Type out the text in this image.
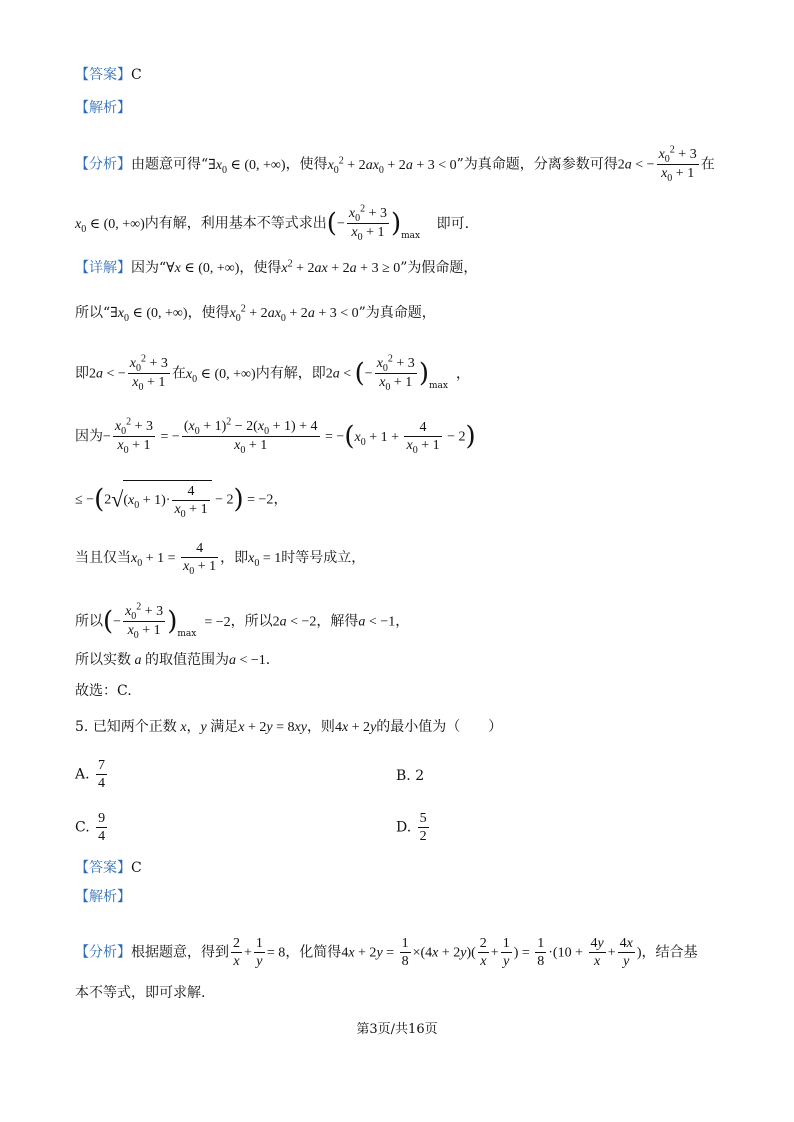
【答案】C
【解析】
【分析】由题意可得“$\exists x_0$ ∈ (0, +∞)，使得$x_0^2 + 2ax_0 + 2a + 3 < 0$”为真命题，分离参数可得2a < − $\frac{x_0^2 + 3}{x_0 + 1}$ 在
$x_0$ ∈ (0, +∞)内有解，利用基本不等式求出(− $\frac{x_0^2 + 3}{x_0 + 1} )_{max}$ 即可.
【详解】因为“∀x ∈ (0, +∞)，使得$x^2 + 2ax + 2a + 3 \ge 0$”为假命题，
所以“$\exists x_0$ ∈ (0, +∞)，使得$x_0^2 + 2ax_0 + 2a + 3 < 0$”为真命题，
即2a < − $\frac{x_0^2 + 3}{x_0 + 1}$ 在$x_0$ ∈ (0, +∞)内有解，即2a < (− $\frac{x_0^2 + 3}{x_0 + 1} )_{max}$，
因为− $\frac{x_0^2 + 3}{x_0 + 1}$ = − $\frac{(x_0 + 1)^2 - 2(x_0 + 1) + 4}{x_0 + 1} = -(x_0 + 1 + \frac{4}{x_0 + 1} - 2)$
≤ $-(2√(x_0 + 1)\cdot \frac{4}{x_0 + 1} - 2) = -2$，
当且仅当$x_0 + 1 = \frac{4}{x_0 + 1}$ ，即$x_0 = 1$时等号成立，
所以(− $\frac{x_0^2 + 3}{x_0 + 1} )_{max}= -2$，所以2a < −2，解得a < −1，
所以实数 a 的取值范围为a < −1.
故选：C.
5. 已知两个正数 x，y 满足x + 2y = 8xy，则4x + 2y的最小值为（　　）
A. $\frac{7}{4}$	B. 2
C. $\frac{9}{4}$	D. $\frac{5}{2}$
【答案】C
【解析】
【分析】根据题意，得到 $\frac{2}{x} + \frac{1}{y} = 8$，化简得$4x + 2y = \frac{1}{8} \times(4x + 2y)( \frac{2}{x} + \frac{1}{y}$ ) = $\frac{1}{8} \cdot(10 + \frac{4y}{x} + \frac{4x}{y}$ )，结合基
本不等式，即可求解.
第3页/共16页
